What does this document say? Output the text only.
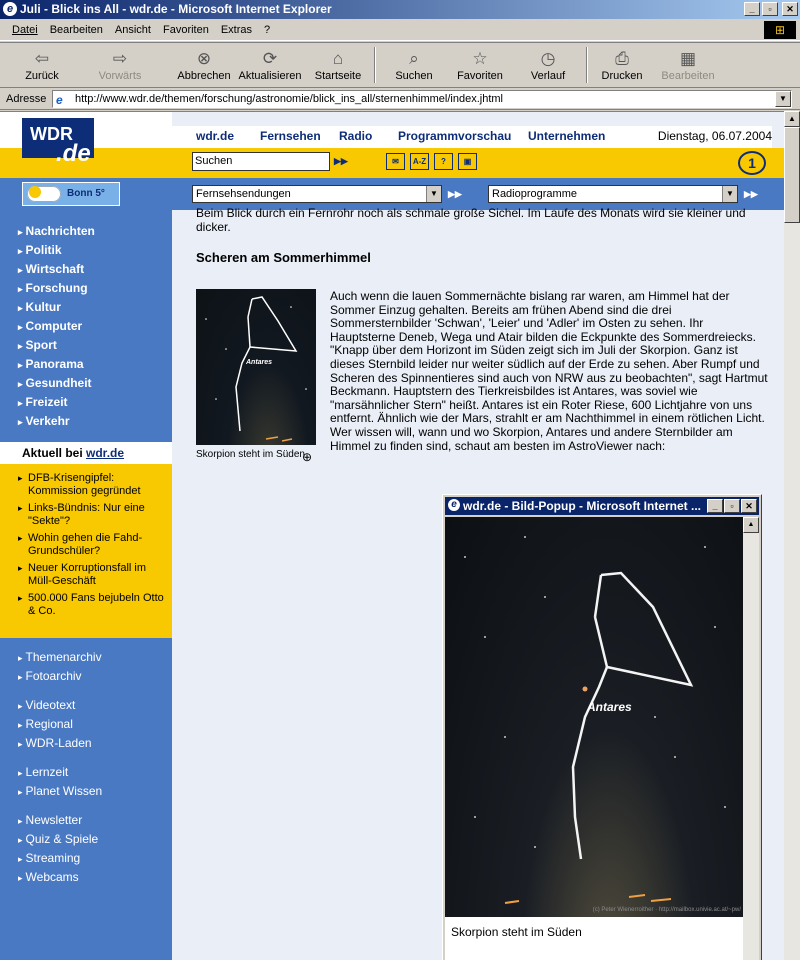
e Juli - Blick ins All - wdr.de - Microsoft Internet Explorer	_	▫	✕
Datei Bearbeiten Ansicht Favoriten Extras ?	⊞
⇦
Zurück
⇨
Vorwärts
⊗
Abbrechen
⟳
Aktualisieren
⌂
Startseite
⌕
Suchen
☆
Favoriten
◷
Verlauf
⎙
Drucken
▦
Bearbeiten
Adresse e	http://www.wdr.de/themen/forschung/astronomie/blick_ins_all/sternenhimmel/index.jhtml	▼
WDR
.de
Bonn 5°
▸ Nachrichten
▸ Politik
▸ Wirtschaft
▸ Forschung
▸ Kultur
▸ Computer
▸ Sport
▸ Panorama
▸ Gesundheit
▸ Freizeit
▸ Verkehr
Aktuell bei wdr.de
▸ DFB-Krisengipfel: Kommission gegründet
▸ Links-Bündnis: Nur eine "Sekte"?
▸ Wohin gehen die Fahd-Grundschüler?
▸ Neuer Korruptionsfall im Müll-Geschäft
▸ 500.000 Fans bejubeln Otto & Co.
▸ Themenarchiv
▸ Fotoarchiv
▸ Videotext
▸ Regional
▸ WDR-Laden
▸ Lernzeit
▸ Planet Wissen
▸ Newsletter
▸ Quiz & Spiele
▸ Streaming
▸ Webcams
wdr.de Fernsehen Radio Programmvorschau Unternehmen	Dienstag, 06.07.2004
Suchen	▶▶	✉	A-Z	?	▣	1
Fernsehsendungen	▼	▶▶	Radioprogramme	▼	▶▶
Beim Blick durch ein Fernrohr noch als schmale große Sichel. Im Laufe des Monats wird sie kleiner und dicker.
Scheren am Sommerhimmel
Antares
Skorpion steht im Süden
⊕
Auch wenn die lauen Sommernächte bislang rar waren, am Himmel hat der Sommer Einzug gehalten. Bereits am frühen Abend sind die drei Sommersternbilder 'Schwan', 'Leier' und 'Adler' im Osten zu sehen. Ihr Hauptsterne Deneb, Wega und Atair bilden die Eckpunkte des Sommerdreiecks. "Knapp über dem Horizont im Süden zeigt sich im Juli der Skorpion. Ganz ist dieses Sternbild leider nur weiter südlich auf der Erde zu sehen. Aber Rumpf und Scheren des Spinnentieres sind auch von NRW aus zu beobachten", sagt Hartmut Beckmann. Hauptstern des Tierkreisbildes ist Antares, was soviel wie "marsähnlicher Stern" heißt. Antares ist ein Roter Riese, 600 Lichtjahre von uns entfernt. Ähnlich wie der Mars, strahlt er am Nachthimmel in einem rötlichen Licht. Wer wissen will, wann und wo Skorpion, Antares und andere Sternbilder am Himmel zu finden sind, schaut am besten im AstroViewer nach:
e wdr.de - Bild-Popup - Microsoft Internet ...	_	▫	✕
Antares
(c) Peter Wienerroither · http://mailbox.univie.ac.at/~pw/
Skorpion steht im Süden
▲
▲
